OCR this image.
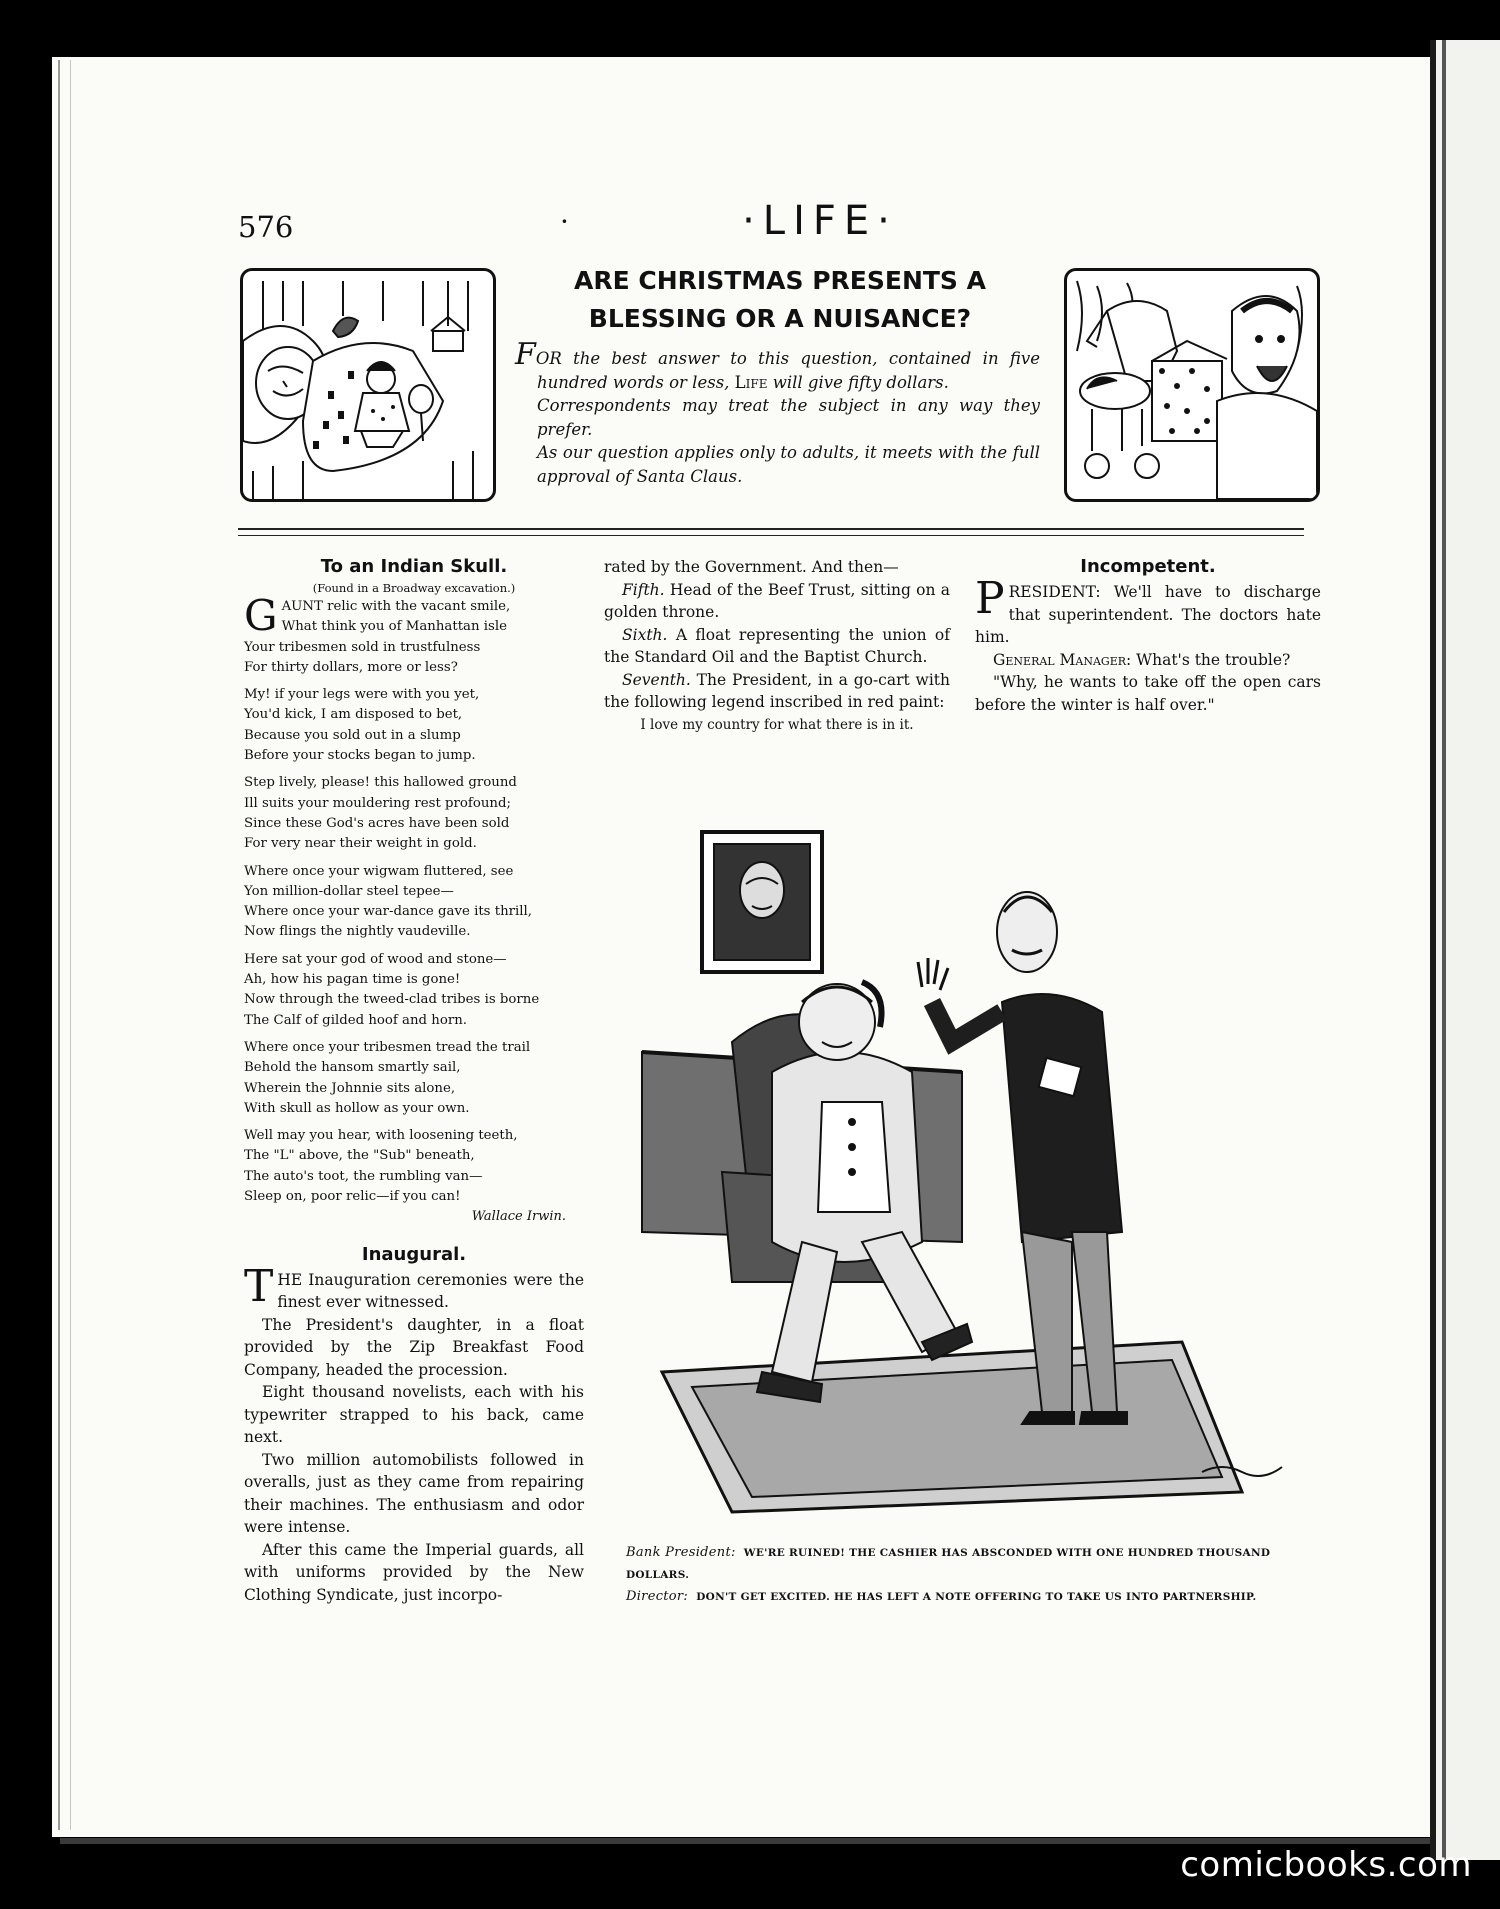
comicbooks.com
576	·	·LIFE·
ARE CHRISTMAS PRESENTS A
BLESSING OR A NUISANCE?

FOR the best answer to this question, contained in five hundred words or less, Life will give fifty dollars.

Correspondents may treat the subject in any way they prefer.

As our question applies only to adults, it meets with the full approval of Santa Claus.

To an Indian Skull.
(Found in a Broadway excavation.)
G AUNT relic with the vacant smile,
What think you of Manhattan isle
Your tribesmen sold in trustfulness
For thirty dollars, more or less?
My! if your legs were with you yet,
You'd kick, I am disposed to bet,
Because you sold out in a slump
Before your stocks began to jump.
Step lively, please! this hallowed ground
Ill suits your mouldering rest profound;
Since these God's acres have been sold
For very near their weight in gold.
Where once your wigwam fluttered, see
Yon million-dollar steel tepee—
Where once your war-dance gave its thrill,
Now flings the nightly vaudeville.
Here sat your god of wood and stone—
Ah, how his pagan time is gone!
Now through the tweed-clad tribes is borne
The Calf of gilded hoof and horn.
Where once your tribesmen tread the trail
Behold the hansom smartly sail,
Wherein the Johnnie sits alone,
With skull as hollow as your own.
Well may you hear, with loosening teeth,
The "L" above, the "Sub" beneath,
The auto's toot, the rumbling van—
Sleep on, poor relic—if you can!
Wallace Irwin.
Inaugural.

THE Inauguration ceremonies were the finest ever witnessed.

The President's daughter, in a float provided by the Zip Breakfast Food Company, headed the procession.

Eight thousand novelists, each with his typewriter strapped to his back, came next.

Two million automobilists followed in overalls, just as they came from repairing their machines. The enthusiasm and odor were intense.

After this came the Imperial guards, all with uniforms provided by the New Clothing Syndicate, just incorpo-

rated by the Government. And then—

Fifth. Head of the Beef Trust, sitting on a golden throne.

Sixth. A float representing the union of the Standard Oil and the Baptist Church.

Seventh. The President, in a go-cart with the following legend inscribed in red paint:

I love my country for what there is in it.

Incompetent.

PRESIDENT: We'll have to discharge that superintendent. The doctors hate him.

General Manager: What's the trouble?

"Why, he wants to take off the open cars before the winter is half over."

Bank President: WE'RE RUINED! THE CASHIER HAS ABSCONDED WITH ONE HUNDRED THOUSAND DOLLARS.
Director: DON'T GET EXCITED. HE HAS LEFT A NOTE OFFERING TO TAKE US INTO PARTNERSHIP.
